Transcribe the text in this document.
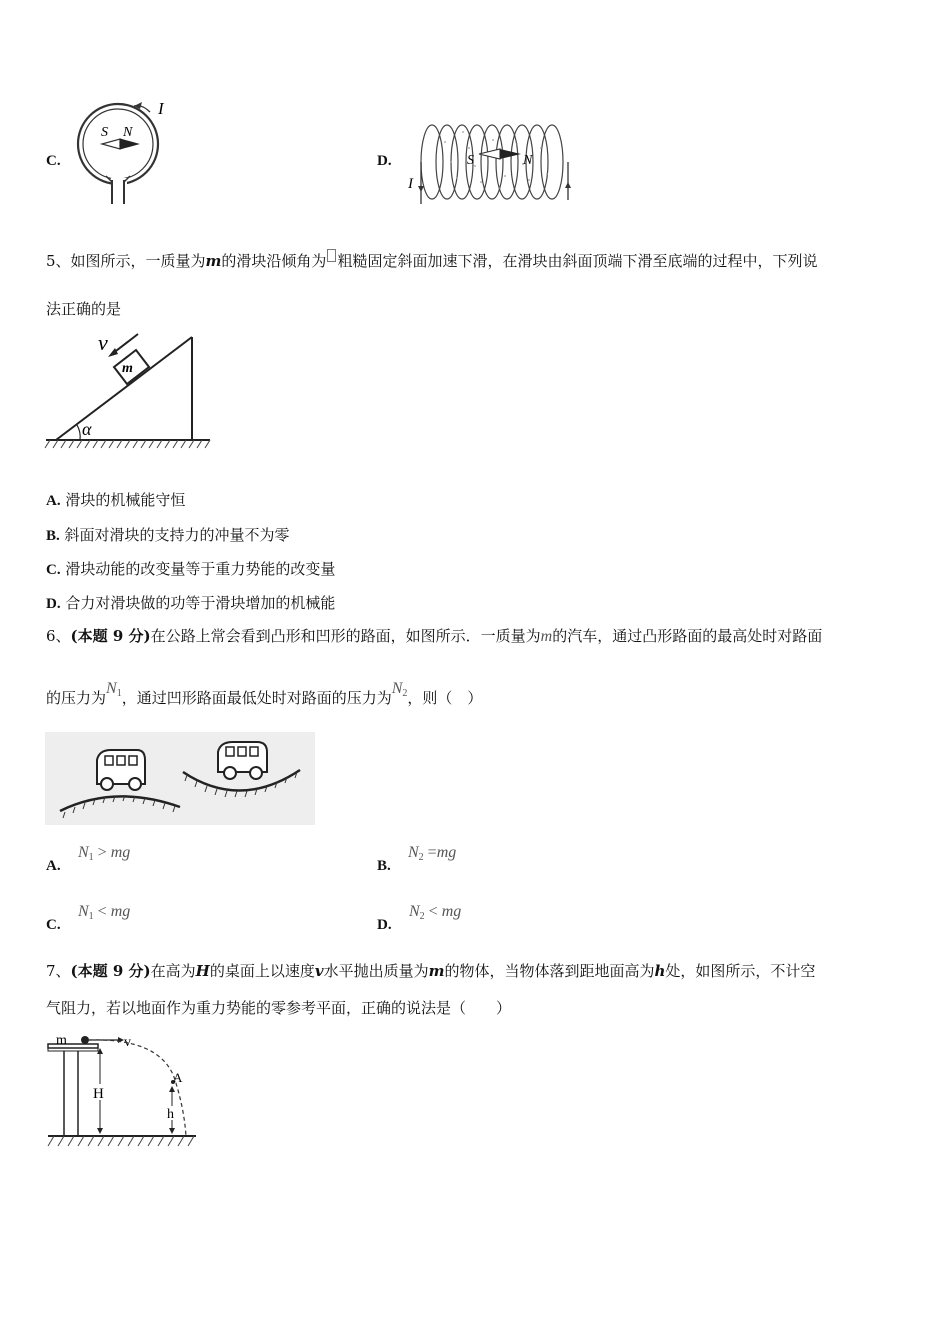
C.
I
S N
D.
I
S	N
5、如图所示，一质量为m的滑块沿倾角为 粗糙固定斜面加速下滑，在滑块由斜面顶端下滑至底端的过程中，下列说
法正确的是
α
m
v
A. 滑块的机械能守恒
B. 斜面对滑块的支持力的冲量不为零
C. 滑块动能的改变量等于重力势能的改变量
D. 合力对滑块做的功等于滑块增加的机械能
6、(本题 9 分)在公路上常会看到凸形和凹形的路面，如图所示．一质量为m的汽车，通过凸形路面的最高处时对路面
的压力为$N_1$，通过凹形路面最低处时对路面的压力为$N_2$，则（　）
A.
$N_1$ > mg
B.
$N_2 =mg$
C.
$N_1$ < mg
D.
$N_2$ < mg
7、(本题 9 分)在高为H的桌面上以速度v水平抛出质量为m的物体，当物体落到距地面高为h处，如图所示，不计空
气阻力，若以地面作为重力势能的零参考平面，正确的说法是（　　）
m	v
H
A
h
